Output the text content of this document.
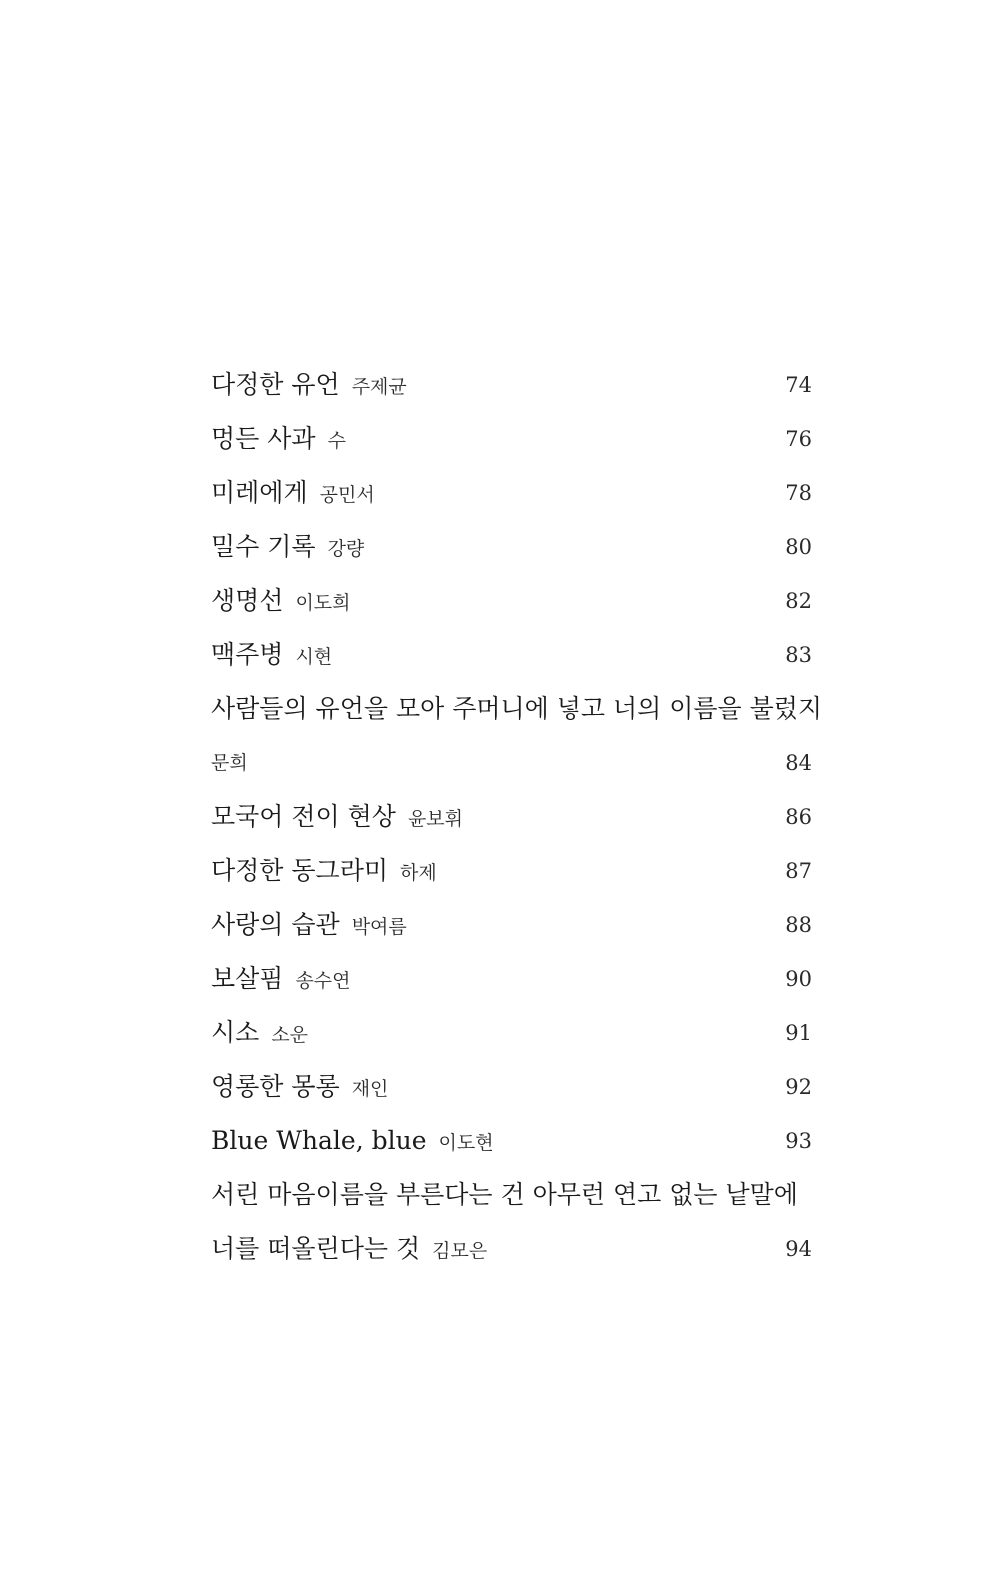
다정한 유언 주제균	74
멍든 사과 수	76
미레에게 공민서	78
밀수 기록 강량	80
생명선 이도희	82
맥주병 시현	83
사람들의 유언을 모아 주머니에 넣고 너의 이름을 불렀지
문희	84
모국어 전이 현상 윤보휘	86
다정한 동그라미 하제	87
사랑의 습관 박여름	88
보살핌 송수연	90
시소 소운	91
영롱한 몽롱 재인	92
Blue Whale, blue 이도현	93
서린 마음이름을 부른다는 건 아무런 연고 없는 낱말에
너를 떠올린다는 것 김모은	94
